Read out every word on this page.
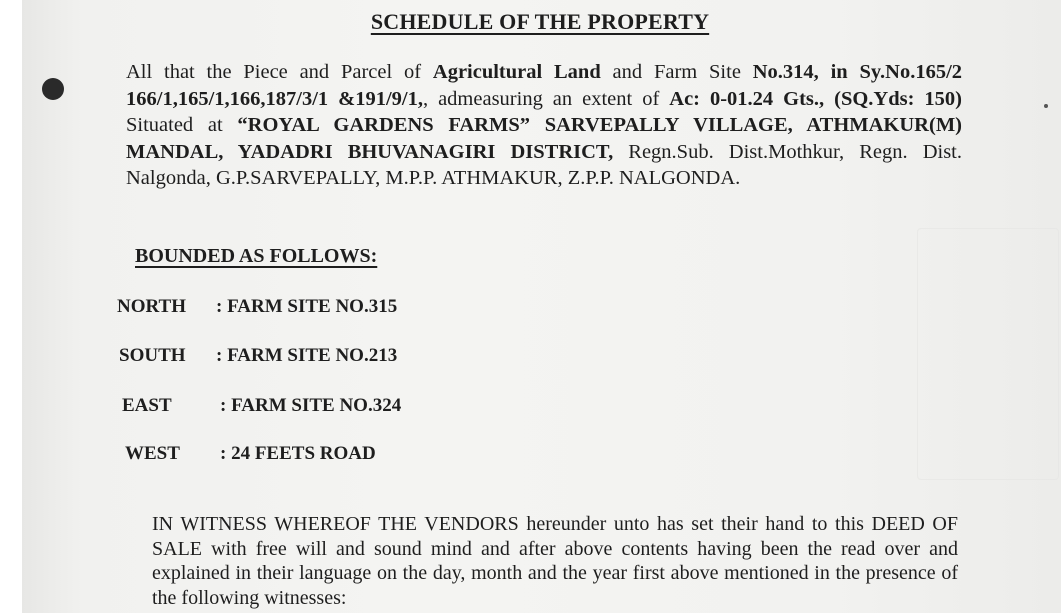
SCHEDULE OF THE PROPERTY
All that the Piece and Parcel of Agricultural Land and Farm Site No.314, in Sy.No.165/2 166/1,165/1,166,187/3/1 &191/9/1,, admeasuring an extent of Ac: 0-01.24 Gts., (SQ.Yds: 150) Situated at “ROYAL GARDENS FARMS” SARVEPALLY VILLAGE, ATHMAKUR(M) MANDAL, YADADRI BHUVANAGIRI DISTRICT, Regn.Sub. Dist.Mothkur, Regn. Dist. Nalgonda, G.P.SARVEPALLY, M.P.P. ATHMAKUR, Z.P.P. NALGONDA.
BOUNDED AS FOLLOWS:
NORTH : FARM SITE NO.315
SOUTH : FARM SITE NO.213
EAST	: FARM SITE NO.324
WEST : 24 FEETS ROAD
IN WITNESS WHEREOF THE VENDORS hereunder unto has set their hand to this DEED OF SALE with free will and sound mind and after above contents having been the read over and explained in their language on the day, month and the year first above mentioned in the presence of the following witnesses:
